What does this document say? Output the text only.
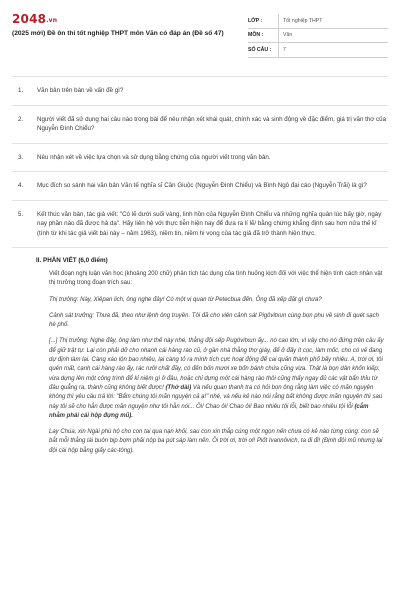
2048.vn
(2025 mới) Đề ôn thi tốt nghiệp THPT môn Văn có đáp án (Đề số 47)
LỚP :	Tốt nghiệp THPT
MÔN :	Văn
SỐ CÂU :	7
1.	Văn bản trên bàn về vấn đề gì?
2.	Người viết đã sử dụng hai câu nào trong bài để nêu nhận xét khái quát, chính xác và sinh động về đặc điểm, giá trị văn thơ của Nguyễn Đình Chiểu?
3.	Nêu nhận xét về việc lựa chọn và sử dụng bằng chứng của người viết trong văn bản.
4.	Mục đích so sánh hai văn bản Văn tế nghĩa sĩ Cần Giuộc (Nguyễn Đình Chiểu) và Bình Ngô đại cáo (Nguyễn Trãi) là gì?
5.	Kết thúc văn bản, tác giả viết: "Có lẽ dưới suối vàng, linh hồn của Nguyễn Đình Chiểu và những nghĩa quân lúc bấy giờ, ngày nay phần nào đã được hả dạ". Hãy liên hệ với thực tiễn hiện nay để đưa ra lí lẽ/ bằng chứng khẳng định sau hơn nửa thế kỉ (tính từ khi tác giả viết bài này – năm 1963), niềm tin, niềm hi vọng của tác giả đã trở thành hiện thực.
II. PHẦN VIẾT (6,0 điểm)

Viết đoạn nghị luận văn học (khoảng 200 chữ) phân tích tác dụng của tình huống kịch đối với việc thể hiện tính cách nhân vật thị trưởng trong đoạn trích sau:

Thị trưởng: Này, Xiêpan lich, ông nghe đây! Có một vị quan từ Petecbua đến. Ông đã xếp đặt gì chưa?

Cảnh sát trưởng: Thưa đã, theo như lệnh ông truyền. Tôi đã cho viên cảnh sát Pigôvitxun cùng bọn phu về sinh đi quét sạch hè phố.

[...] Thị trưởng: Nghe đây, ông làm như thế này nhé, thằng đội sếp Pugôvitxun ấy... nó cao lớn, vì vậy cho nó đứng trên cầu ấy để giữ trật tự. Lại còn phải dỡ cho nhanh cái hàng rào cũ, ở gần nhà thằng thợ giày, để ở đấy ít cọc, làm mốc, cho có vẻ đang dự định làm lại. Càng xáo lộn bao nhiêu, lại càng tỏ ra mình tích cực hoạt động để cai quản thành phố bấy nhiêu. A, trời ơi, tôi quên mất, cạnh cái hàng rào ấy, rác rưởi chất đầy, có đến bốn mươi xe bốn bánh chứa cũng vừa. Thật là bọn dân khốn kiếp: vừa dựng lên một công trình để kỉ niệm gì ở đâu, hoặc chỉ dựng một cái hàng rào thôi cũng thấy ngay đủ các vật bẩn thỉu từ đâu quẳng ra, thành cũng không biết được! (Thở dài) Và nếu quan thanh tra có hỏi bọn ông rằng làm việc có mãn nguyện không thì yêu cầu trả lời: "Bẩm chúng tôi mãn nguyện cả ạ!" nhé, và nếu kẻ nào nói rằng bất không được mãn nguyện thì sau này tôi sẽ cho hắn được mãn nguyện như tôi hằn nói... Ôi! Chao ôi! Chao ôi! Bao nhiêu tội lỗi, biết bao nhiêu tội lỗi (cắm nhằm phải cái hộp đựng mũ).

Lay Chúa, xin Ngài phù hộ cho con tai qua nạn khỏi, sau con xin thắp cúng một ngọn nến chưa có kẻ nào từng cúng: con sẽ bắt mỗi thằng lái buôn bịp bợm phải nộp ba pút sáp làm nến. Ôi trời ơi, trời ơi! Piốt Ivannôvich, ta đi đi! (Định đội mũ nhưng lại đội cái hộp bằng giấy các-tông).
